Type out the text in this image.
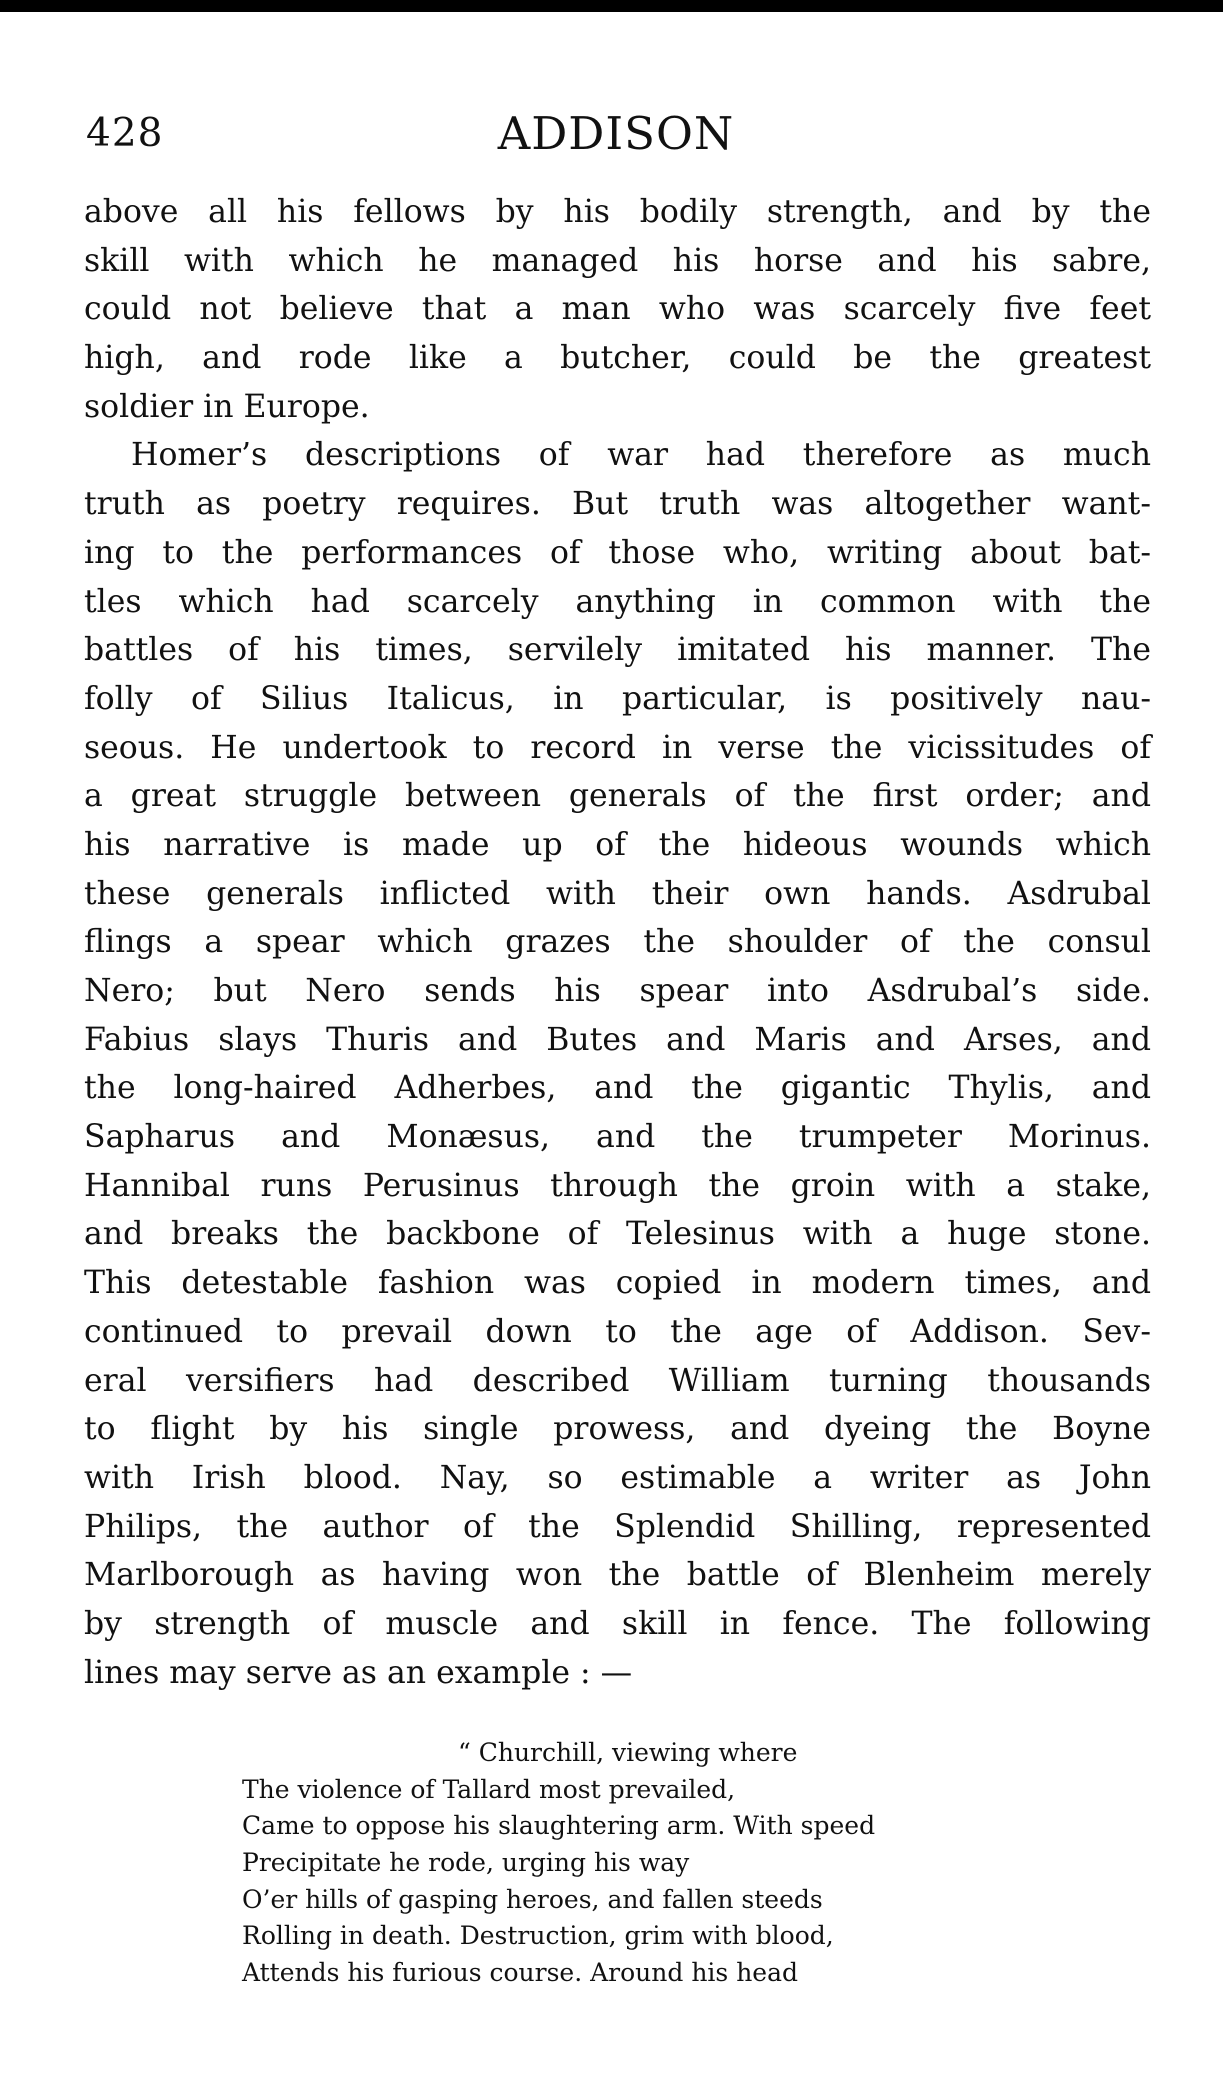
428	ADDISON
above all his fellows by his bodily strength, and by the
skill with which he managed his horse and his sabre,
could not believe that a man who was scarcely five feet
high, and rode like a butcher, could be the greatest
soldier in Europe.
Homer’s descriptions of war had therefore as much
truth as poetry requires. But truth was altogether want-
ing to the performances of those who, writing about bat-
tles which had scarcely anything in common with the
battles of his times, servilely imitated his manner. The
folly of Silius Italicus, in particular, is positively nau-
seous. He undertook to record in verse the vicissitudes of
a great struggle between generals of the first order; and
his narrative is made up of the hideous wounds which
these generals inflicted with their own hands. Asdrubal
flings a spear which grazes the shoulder of the consul
Nero; but Nero sends his spear into Asdrubal’s side.
Fabius slays Thuris and Butes and Maris and Arses, and
the long-haired Adherbes, and the gigantic Thylis, and
Sapharus and Monæsus, and the trumpeter Morinus.
Hannibal runs Perusinus through the groin with a stake,
and breaks the backbone of Telesinus with a huge stone.
This detestable fashion was copied in modern times, and
continued to prevail down to the age of Addison. Sev-
eral versifiers had described William turning thousands
to flight by his single prowess, and dyeing the Boyne
with Irish blood. Nay, so estimable a writer as John
Philips, the author of the Splendid Shilling, represented
Marlborough as having won the battle of Blenheim merely
by strength of muscle and skill in fence. The following
lines may serve as an example : —
“ Churchill, viewing where
The violence of Tallard most prevailed,
Came to oppose his slaughtering arm. With speed
Precipitate he rode, urging his way
O’er hills of gasping heroes, and fallen steeds
Rolling in death. Destruction, grim with blood,
Attends his furious course. Around his head
